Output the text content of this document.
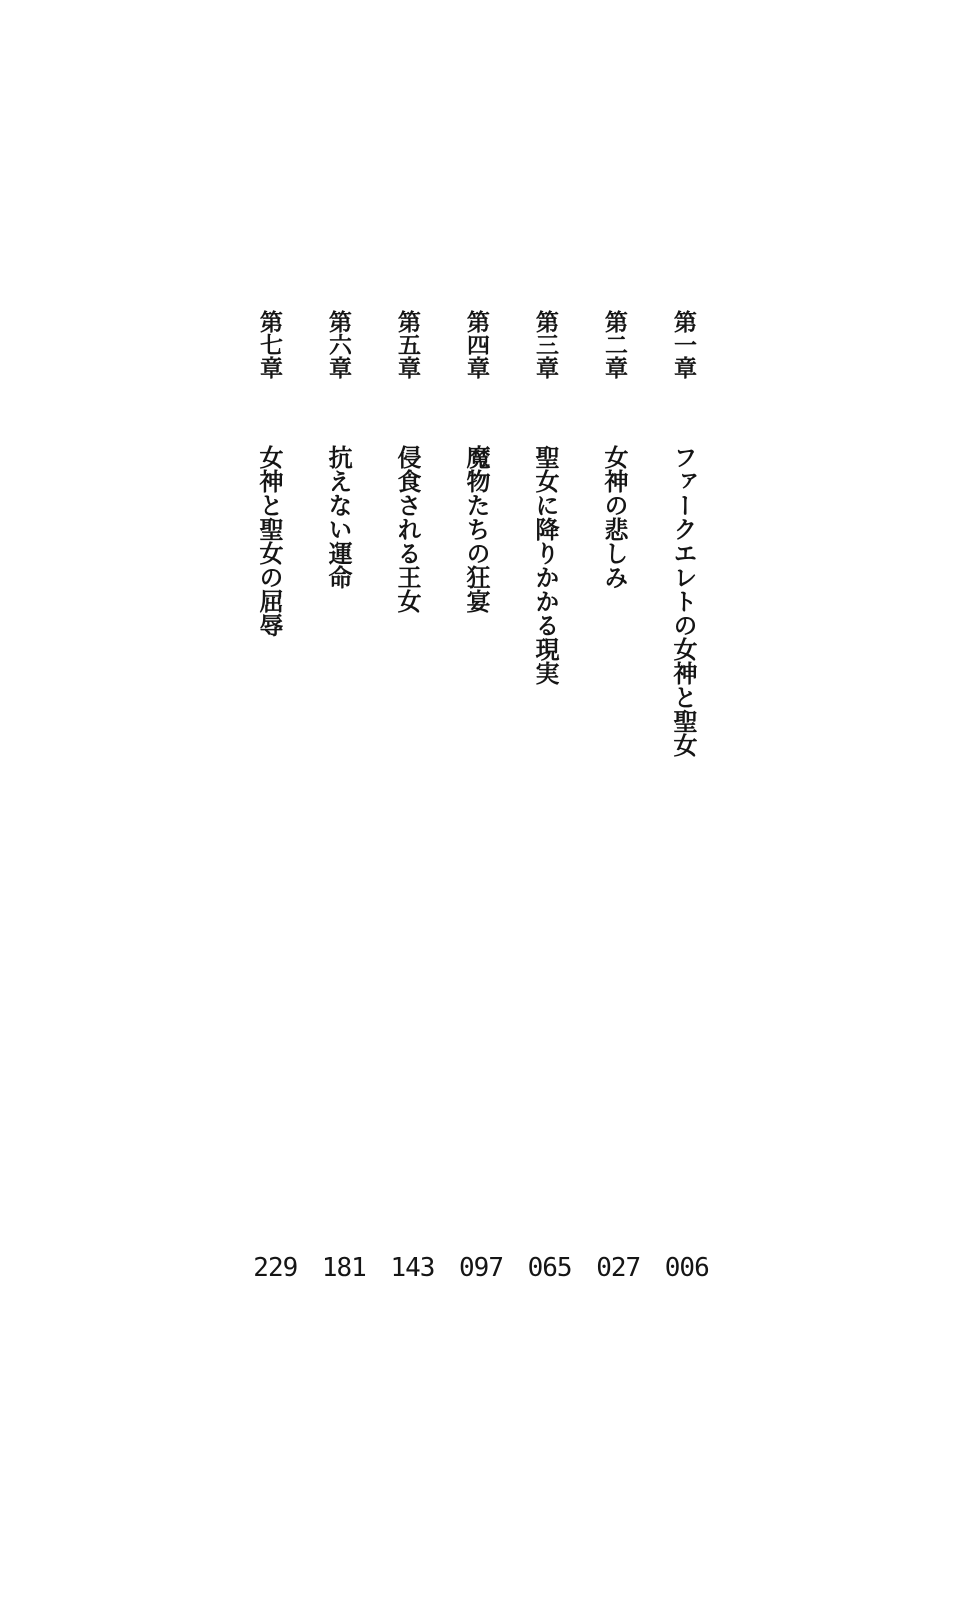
第一章ファークエレトの女神と聖女
第二章女神の悲しみ
第三章聖女に降りかかる現実
第四章魔物たちの狂宴
第五章侵食される王女
第六章抗えない運命
第七章女神と聖女の屈辱
229 181 143 097 065 027 006
